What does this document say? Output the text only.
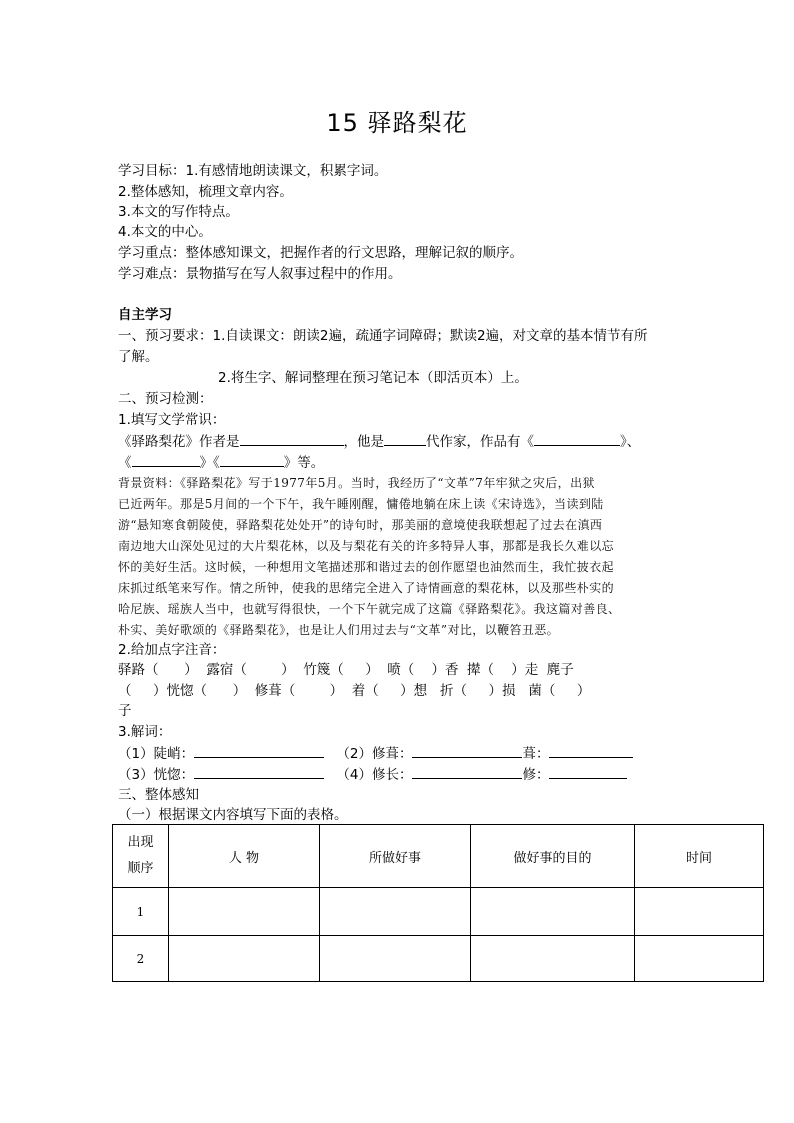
15 驿路梨花
学习目标：1.有感情地朗读课文，积累字词。
2.整体感知，梳理文章内容。
3.本文的写作特点。
4.本文的中心。
学习重点：整体感知课文，把握作者的行文思路，理解记叙的顺序。
学习难点：景物描写在写人叙事过程中的作用。
自主学习
一、预习要求：1.自读课文：朗读2遍，疏通字词障碍；默读2遍，对文章的基本情节有所
了解。
2.将生字、解词整理在预习笔记本（即活页本）上。
二、预习检测：
1.填写文学常识：
《驿路梨花》作者是	，他是	代作家，作品有《	》、
《	》《	》等。
背景资料：《驿路梨花》写于1977年5月。当时，我经历了“文革”7年牢狱之灾后，出狱
已近两年。那是5月间的一个下午，我午睡刚醒，慵倦地躺在床上读《宋诗选》，当读到陆
游“悬知寒食朝陵使，驿路梨花处处开”的诗句时，那美丽的意境使我联想起了过去在滇西
南边地大山深处见过的大片梨花林，以及与梨花有关的许多特异人事，那都是我长久难以忘
怀的美好生活。这时候，一种想用文笔描述那和谐过去的创作愿望也油然而生，我忙披衣起
床抓过纸笔来写作。情之所钟，使我的思绪完全进入了诗情画意的梨花林，以及那些朴实的
哈尼族、瑶族人当中，也就写得很快，一个下午就完成了这篇《驿路梨花》。我这篇对善良、
朴实、美好歌颂的《驿路梨花》，也是让人们用过去与“文革”对比，以鞭笞丑恶。
2.给加点字注音：
驿路（      ）  露宿（        ）  竹篾（     ）  喷（    ）香  撵（    ）走  麂子
（     ）恍惚（      ）  修葺（        ）  着（     ）想   折（     ）损   菌（     ）
子
3.解词：
（1）陡峭：	（2）修葺：	葺：
（3）恍惚：	（4）修长：	修：
三、整体感知
（一）根据课文内容填写下面的表格。
出现
顺序	人 物	所做好事	做好事的目的	时间
1				
2				
